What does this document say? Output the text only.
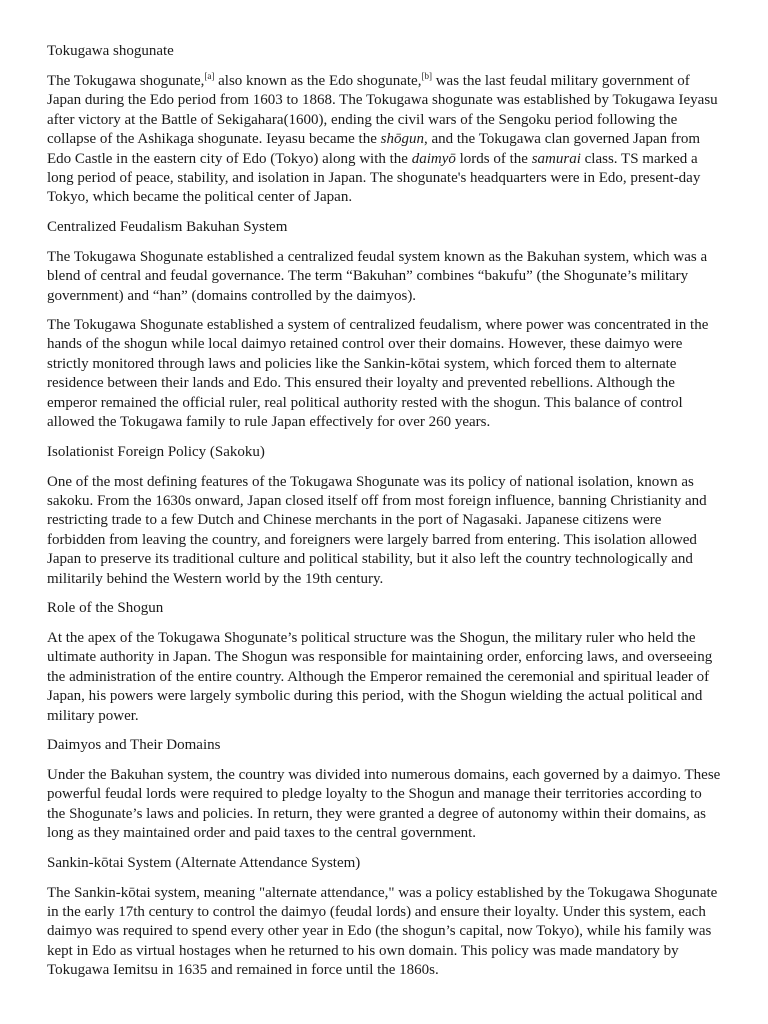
Tokugawa shogunate

The Tokugawa shogunate,[a] also known as the Edo shogunate,[b] was the last feudal military government of Japan during the Edo period from 1603 to 1868. The Tokugawa shogunate was established by Tokugawa Ieyasu after victory at the Battle of Sekigahara(1600), ending the civil wars of the Sengoku period following the collapse of the Ashikaga shogunate. Ieyasu became the shōgun, and the Tokugawa clan governed Japan from Edo Castle in the eastern city of Edo (Tokyo) along with the daimyō lords of the samurai class. TS marked a long period of peace, stability, and isolation in Japan. The shogunate's headquarters were in Edo, present-day Tokyo, which became the political center of Japan.

Centralized Feudalism Bakuhan System

The Tokugawa Shogunate established a centralized feudal system known as the Bakuhan system, which was a blend of central and feudal governance. The term “Bakuhan” combines “bakufu” (the Shogunate’s military government) and “han” (domains controlled by the daimyos).

The Tokugawa Shogunate established a system of centralized feudalism, where power was concentrated in the hands of the shogun while local daimyo retained control over their domains. However, these daimyo were strictly monitored through laws and policies like the Sankin-kōtai system, which forced them to alternate residence between their lands and Edo. This ensured their loyalty and prevented rebellions. Although the emperor remained the official ruler, real political authority rested with the shogun. This balance of control allowed the Tokugawa family to rule Japan effectively for over 260 years.

Isolationist Foreign Policy (Sakoku)

One of the most defining features of the Tokugawa Shogunate was its policy of national isolation, known as sakoku. From the 1630s onward, Japan closed itself off from most foreign influence, banning Christianity and restricting trade to a few Dutch and Chinese merchants in the port of Nagasaki. Japanese citizens were forbidden from leaving the country, and foreigners were largely barred from entering. This isolation allowed Japan to preserve its traditional culture and political stability, but it also left the country technologically and militarily behind the Western world by the 19th century.

Role of the Shogun

At the apex of the Tokugawa Shogunate’s political structure was the Shogun, the military ruler who held the ultimate authority in Japan. The Shogun was responsible for maintaining order, enforcing laws, and overseeing the administration of the entire country. Although the Emperor remained the ceremonial and spiritual leader of Japan, his powers were largely symbolic during this period, with the Shogun wielding the actual political and military power.

Daimyos and Their Domains

Under the Bakuhan system, the country was divided into numerous domains, each governed by a daimyo. These powerful feudal lords were required to pledge loyalty to the Shogun and manage their territories according to the Shogunate’s laws and policies. In return, they were granted a degree of autonomy within their domains, as long as they maintained order and paid taxes to the central government.

Sankin-kōtai System (Alternate Attendance System)

The Sankin-kōtai system, meaning "alternate attendance," was a policy established by the Tokugawa Shogunate in the early 17th century to control the daimyo (feudal lords) and ensure their loyalty. Under this system, each daimyo was required to spend every other year in Edo (the shogun’s capital, now Tokyo), while his family was kept in Edo as virtual hostages when he returned to his own domain. This policy was made mandatory by Tokugawa Iemitsu in 1635 and remained in force until the 1860s.
